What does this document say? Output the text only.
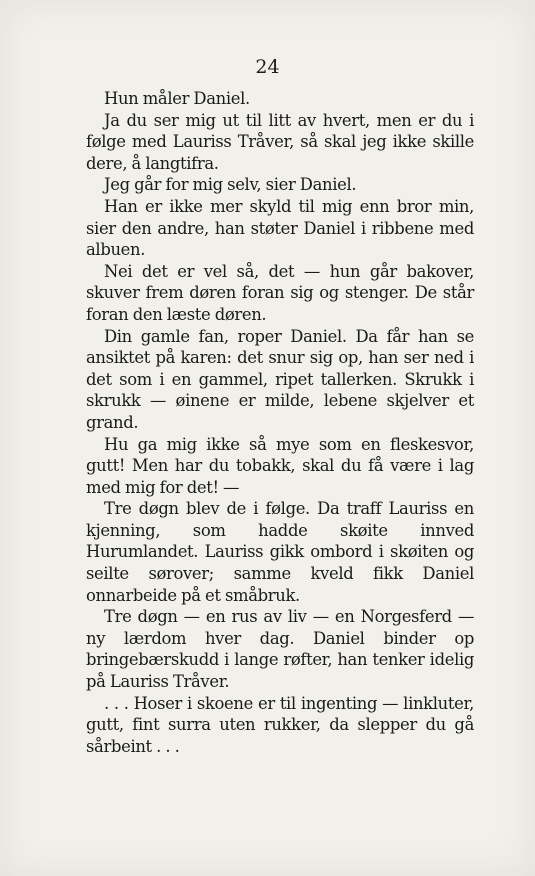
24

Hun måler Daniel.

Ja du ser mig ut til litt av hvert, men er du i følge med Lauriss Tråver, så skal jeg ikke skille dere, å langtifra.

Jeg går for mig selv, sier Daniel.

Han er ikke mer skyld til mig enn bror min, sier den andre, han støter Daniel i ribbene med albuen.

Nei det er vel så, det — hun går bakover, skuver frem døren foran sig og stenger. De står foran den læste døren.

Din gamle fan, roper Daniel. Da får han se ansiktet på karen: det snur sig op, han ser ned i det som i en gammel, ripet tallerken. Skrukk i skrukk — øinene er milde, lebene skjelver et grand.

Hu ga mig ikke så mye som en fleskesvor, gutt! Men har du tobakk, skal du få være i lag med mig for det! —

Tre døgn blev de i følge. Da traff Lauriss en kjenning, som hadde skøite innved Hurumlandet. Lauriss gikk ombord i skøiten og seilte sørover; samme kveld fikk Daniel onnarbeide på et småbruk.

Tre døgn — en rus av liv — en Norgesferd — ny lærdom hver dag. Daniel binder op bringebærskudd i lange røfter, han tenker idelig på Lauriss Tråver.

. . . Hoser i skoene er til ingenting — linkluter, gutt, fint surra uten rukker, da slepper du gå sårbeint . . .
